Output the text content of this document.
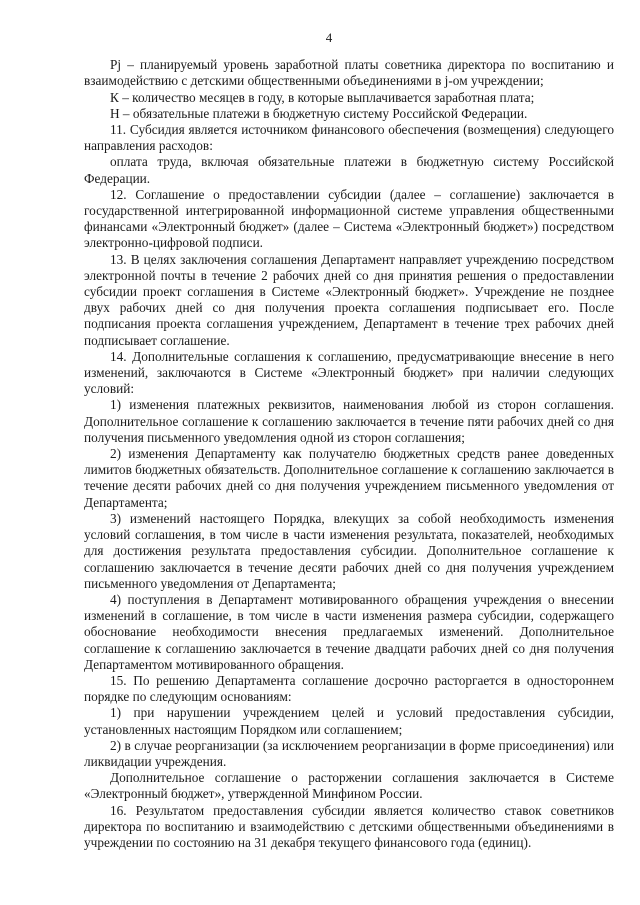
4

Pj – планируемый уровень заработной платы советника директора по воспитанию и взаимодействию с детскими общественными объединениями в j-ом учреждении;

К – количество месяцев в году, в которые выплачивается заработная плата;

Н – обязательные платежи в бюджетную систему Российской Федерации.

11. Субсидия является источником финансового обеспечения (возмещения) следующего направления расходов:

оплата труда, включая обязательные платежи в бюджетную систему Российской Федерации.

12. Соглашение о предоставлении субсидии (далее – соглашение) заключается в государственной интегрированной информационной системе управления общественными финансами «Электронный бюджет» (далее – Система «Электронный бюджет») посредством электронно-цифровой подписи.

13. В целях заключения соглашения Департамент направляет учреждению посредством электронной почты в течение 2 рабочих дней со дня принятия решения о предоставлении субсидии проект соглашения в Системе «Электронный бюджет». Учреждение не позднее двух рабочих дней со дня получения проекта соглашения подписывает его. После подписания проекта соглашения учреждением, Департамент в течение трех рабочих дней подписывает соглашение.

14. Дополнительные соглашения к соглашению, предусматривающие внесение в него изменений, заключаются в Системе «Электронный бюджет» при наличии следующих условий:

1) изменения платежных реквизитов, наименования любой из сторон соглашения. Дополнительное соглашение к соглашению заключается в течение пяти рабочих дней со дня получения письменного уведомления одной из сторон соглашения;

2) изменения Департаменту как получателю бюджетных средств ранее доведенных лимитов бюджетных обязательств. Дополнительное соглашение к соглашению заключается в течение десяти рабочих дней со дня получения учреждением письменного уведомления от Департамента;

3) изменений настоящего Порядка, влекущих за собой необходимость изменения условий соглашения, в том числе в части изменения результата, показателей, необходимых для достижения результата предоставления субсидии. Дополнительное соглашение к соглашению заключается в течение десяти рабочих дней со дня получения учреждением письменного уведомления от Департамента;

4) поступления в Департамент мотивированного обращения учреждения о внесении изменений в соглашение, в том числе в части изменения размера субсидии, содержащего обоснование необходимости внесения предлагаемых изменений. Дополнительное соглашение к соглашению заключается в течение двадцати рабочих дней со дня получения Департаментом мотивированного обращения.

15. По решению Департамента соглашение досрочно расторгается в одностороннем порядке по следующим основаниям:

1) при нарушении учреждением целей и условий предоставления субсидии, установленных настоящим Порядком или соглашением;

2) в случае реорганизации (за исключением реорганизации в форме присоединения) или ликвидации учреждения.

Дополнительное соглашение о расторжении соглашения заключается в Системе «Электронный бюджет», утвержденной Минфином России.

16. Результатом предоставления субсидии является количество ставок советников директора по воспитанию и взаимодействию с детскими общественными объединениями в учреждении по состоянию на 31 декабря текущего финансового года (единиц).
